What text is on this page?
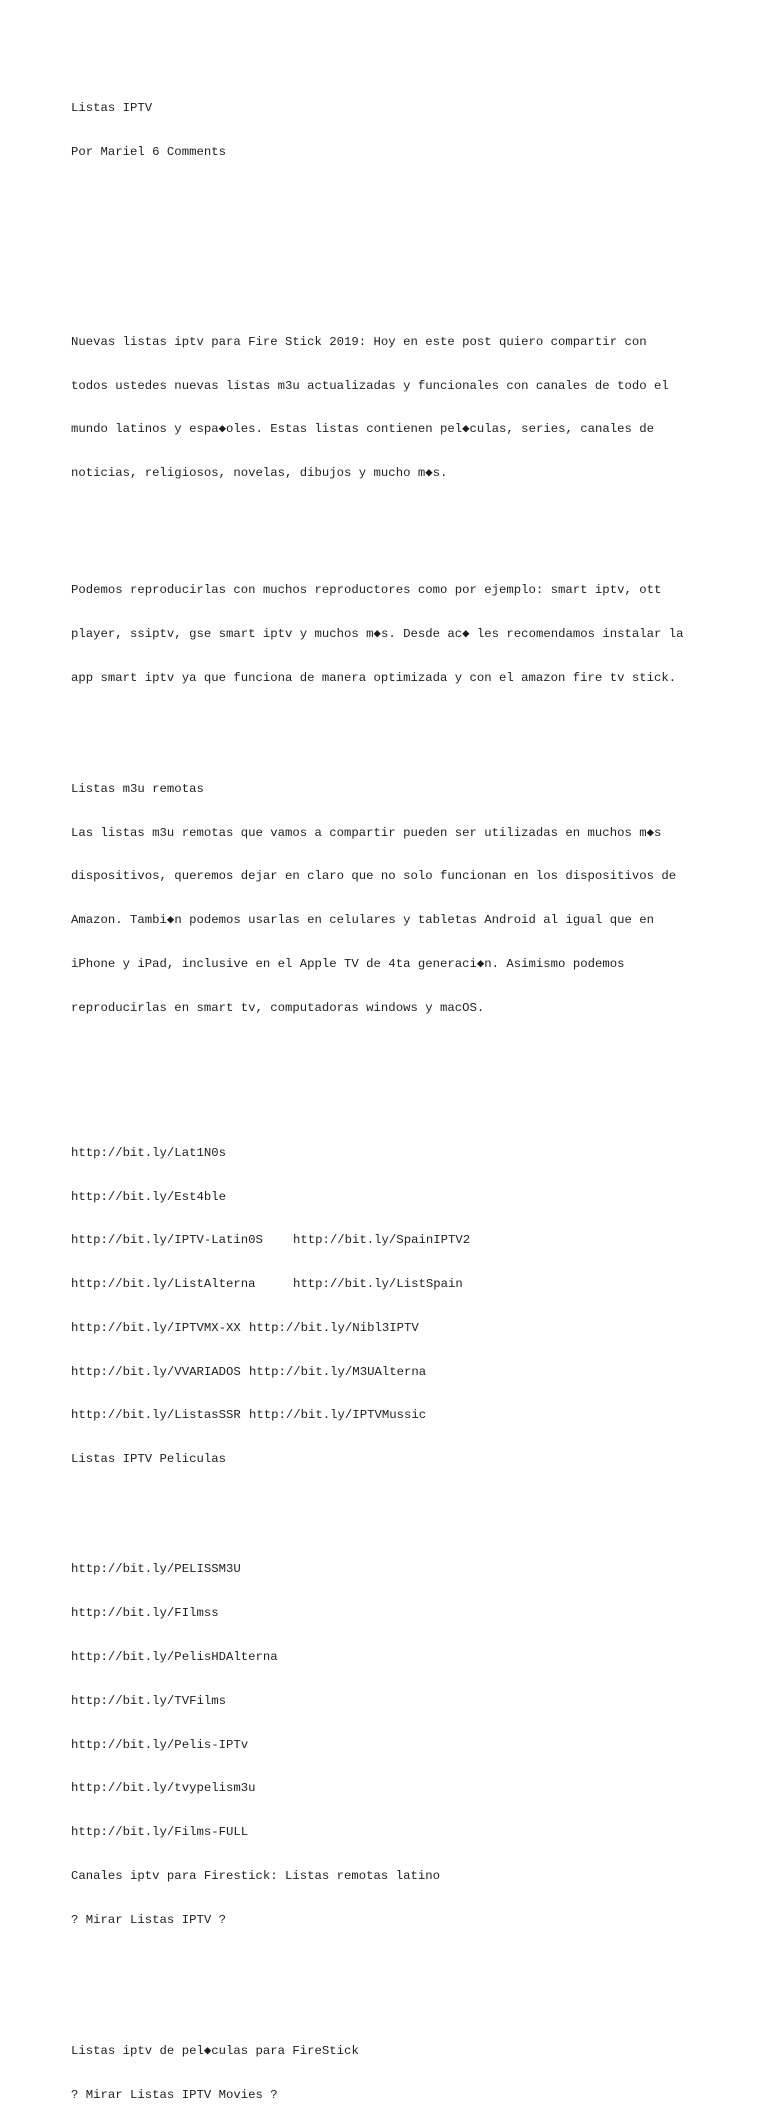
Listas IPTV

Por Mariel 6 Comments

Nuevas listas iptv para Fire Stick 2019: Hoy en este post quiero compartir con

todos ustedes nuevas listas m3u actualizadas y funcionales con canales de todo el

mundo latinos y espa◆oles. Estas listas contienen pel◆culas, series, canales de

noticias, religiosos, novelas, dibujos y mucho m◆s.

Podemos reproducirlas con muchos reproductores como por ejemplo: smart iptv, ott

player, ssiptv, gse smart iptv y muchos m◆s. Desde ac◆ les recomendamos instalar la

app smart iptv ya que funciona de manera optimizada y con el amazon fire tv stick.

Listas m3u remotas

Las listas m3u remotas que vamos a compartir pueden ser utilizadas en muchos m◆s

dispositivos, queremos dejar en claro que no solo funcionan en los dispositivos de

Amazon. Tambi◆n podemos usarlas en celulares y tabletas Android al igual que en

iPhone y iPad, inclusive en el Apple TV de 4ta generaci◆n. Asimismo podemos

reproducirlas en smart tv, computadoras windows y macOS.

http://bit.ly/Lat1N0s

http://bit.ly/Est4ble

http://bit.ly/IPTV-Latin0S http://bit.ly/SpainIPTV2

http://bit.ly/ListAlterna	http://bit.ly/ListSpain

http://bit.ly/IPTVMX-XX http://bit.ly/Nibl3IPTV

http://bit.ly/VVARIADOS http://bit.ly/M3UAlterna

http://bit.ly/ListasSSR http://bit.ly/IPTVMussic

Listas IPTV Peliculas

http://bit.ly/PELISSM3U

http://bit.ly/FIlmss

http://bit.ly/PelisHDAlterna

http://bit.ly/TVFilms

http://bit.ly/Pelis-IPTv

http://bit.ly/tvypelism3u

http://bit.ly/Films-FULL

Canales iptv para Firestick: Listas remotas latino

? Mirar Listas IPTV ?

Listas iptv de pel◆culas para FireStick

? Mirar Listas IPTV Movies ?
